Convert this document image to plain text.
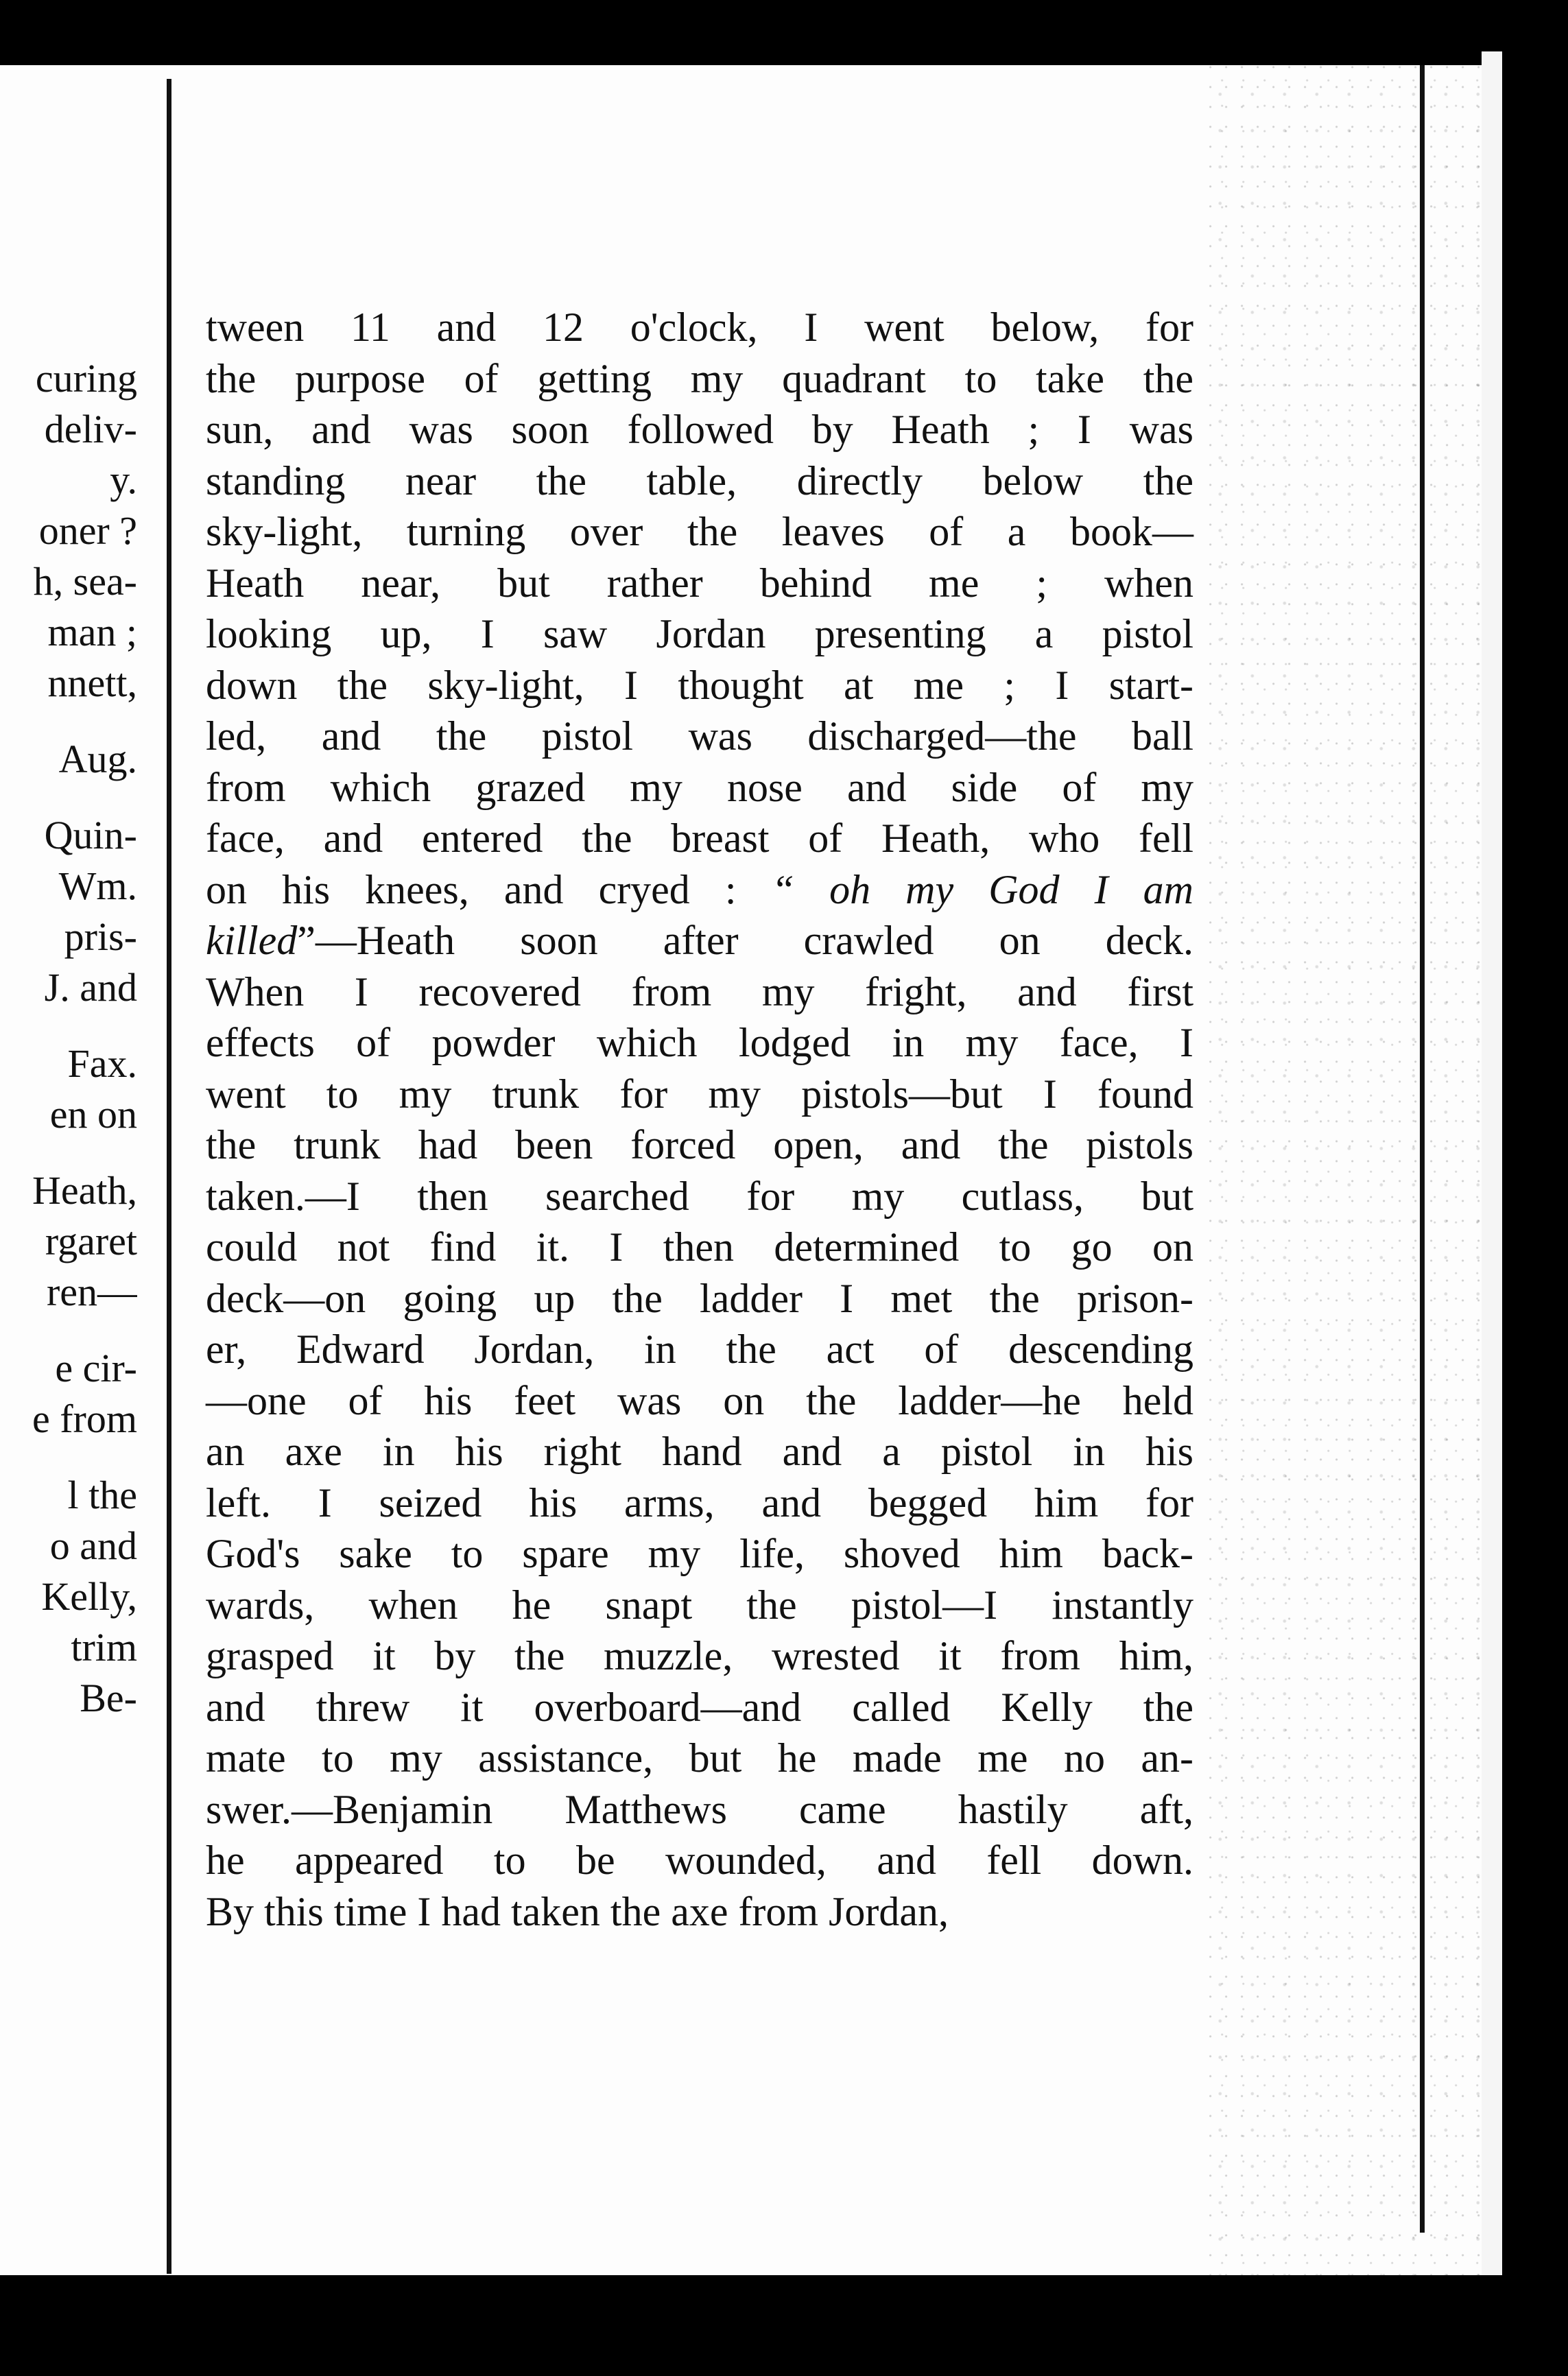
curing
deliv-
y.
oner ?
h, sea-
man ;
nnett,
Aug.
Quin-
Wm.
pris-
J. and
Fax.
en on
Heath,
rgaret
ren—
e cir-
e from
l the
o and
Kelly,
trim
Be-
tween 11 and 12 o'clock, I went below, for
the purpose of getting my quadrant to take the
sun, and was soon followed by Heath ; I was
standing near the table, directly below the
sky-light, turning over the leaves of a book—
Heath near, but rather behind me ; when
looking up, I saw Jordan presenting a pistol
down the sky-light, I thought at me ; I start-
led, and the pistol was discharged—the ball
from which grazed my nose and side of my
face, and entered the breast of Heath, who fell
on his knees, and cryed : “ oh my God I am
killed”—Heath soon after crawled on deck.
When I recovered from my fright, and first
effects of powder which lodged in my face, I
went to my trunk for my pistols—but I found
the trunk had been forced open, and the pistols
taken.—I then searched for my cutlass, but
could not find it. I then determined to go on
deck—on going up the ladder I met the prison-
er, Edward Jordan, in the act of descending
—one of his feet was on the ladder—he held
an axe in his right hand and a pistol in his
left. I seized his arms, and begged him for
God's sake to spare my life, shoved him back-
wards, when he snapt the pistol—I instantly
grasped it by the muzzle, wrested it from him,
and threw it overboard—and called Kelly the
mate to my assistance, but he made me no an-
swer.—Benjamin Matthews came hastily aft,
he appeared to be wounded, and fell down.
By this time I had taken the axe from Jordan,
